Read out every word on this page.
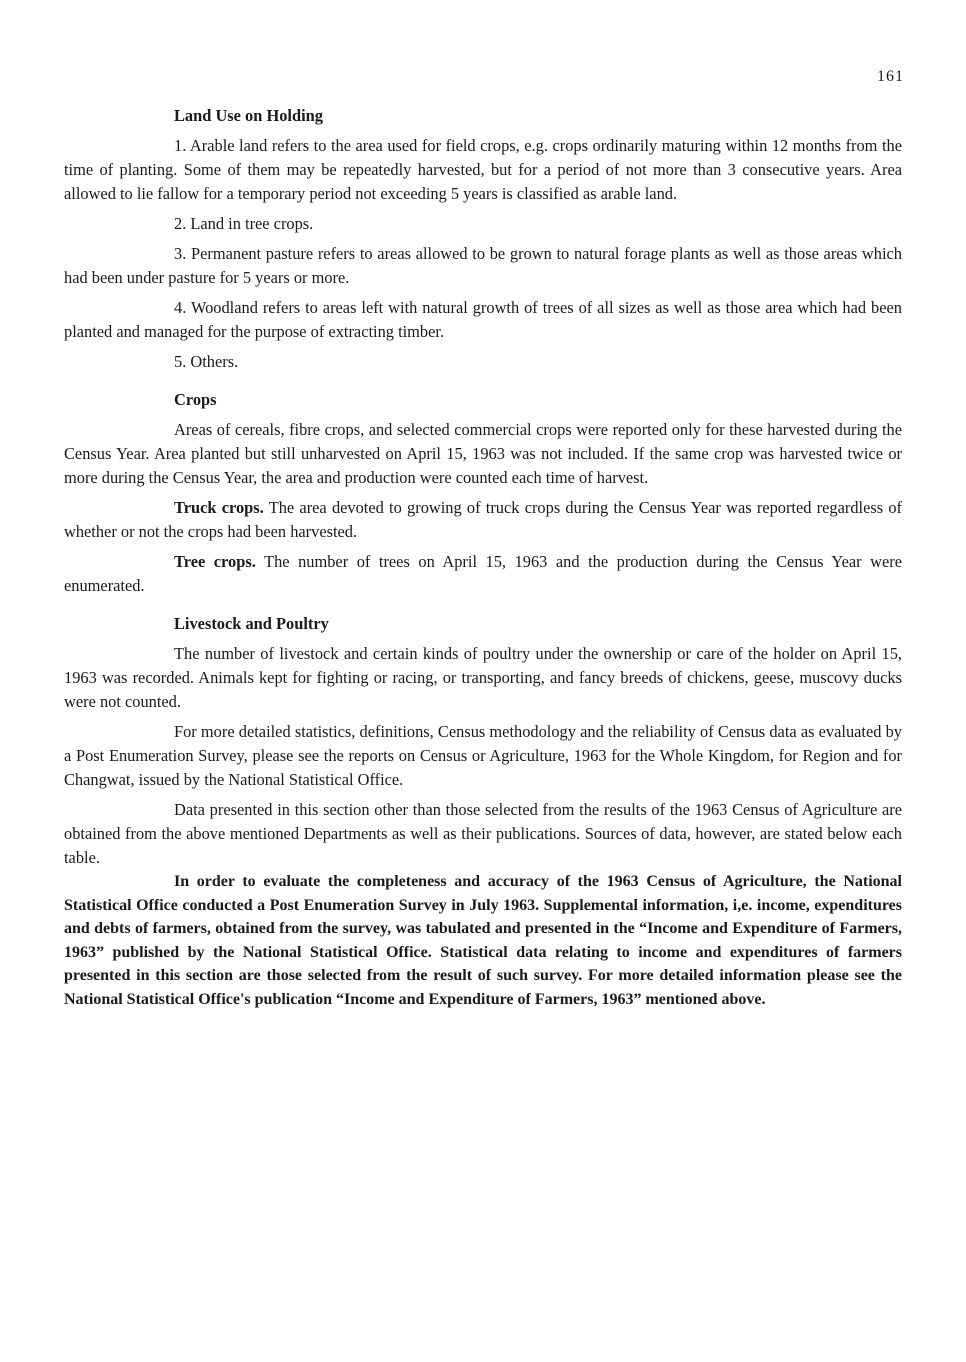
161
Land Use on Holding

1. Arable land refers to the area used for field crops, e.g. crops ordinarily maturing within 12 months from the time of planting. Some of them may be repeatedly harvested, but for a period of not more than 3 consecutive years. Area allowed to lie fallow for a temporary period not exceeding 5 years is classified as arable land.

2. Land in tree crops.

3. Permanent pasture refers to areas allowed to be grown to natural forage plants as well as those areas which had been under pasture for 5 years or more.

4. Woodland refers to areas left with natural growth of trees of all sizes as well as those area which had been planted and managed for the purpose of extracting timber.

5. Others.

Crops

Areas of cereals, fibre crops, and selected commercial crops were reported only for these harvested during the Census Year. Area planted but still unharvested on April 15, 1963 was not included. If the same crop was harvested twice or more during the Census Year, the area and production were counted each time of harvest.

Truck crops. The area devoted to growing of truck crops during the Census Year was reported regardless of whether or not the crops had been harvested.

Tree crops. The number of trees on April 15, 1963 and the production during the Census Year were enumerated.

Livestock and Poultry

The number of livestock and certain kinds of poultry under the ownership or care of the holder on April 15, 1963 was recorded. Animals kept for fighting or racing, or transporting, and fancy breeds of chickens, geese, muscovy ducks were not counted.

For more detailed statistics, definitions, Census methodology and the reliability of Census data as evaluated by a Post Enumeration Survey, please see the reports on Census or Agriculture, 1963 for the Whole Kingdom, for Region and for Changwat, issued by the National Statistical Office.

Data presented in this section other than those selected from the results of the 1963 Census of Agriculture are obtained from the above mentioned Departments as well as their publications. Sources of data, however, are stated below each table.

In order to evaluate the completeness and accuracy of the 1963 Census of Agriculture, the National Statistical Office conducted a Post Enumeration Survey in July 1963. Supplemental information, i,e. income, expenditures and debts of farmers, obtained from the survey, was tabulated and presented in the “Income and Expenditure of Farmers, 1963” published by the National Statistical Office. Statistical data relating to income and expenditures of farmers presented in this section are those selected from the result of such survey. For more detailed information please see the National Statistical Office's publication “Income and Expenditure of Farmers, 1963” mentioned above.
